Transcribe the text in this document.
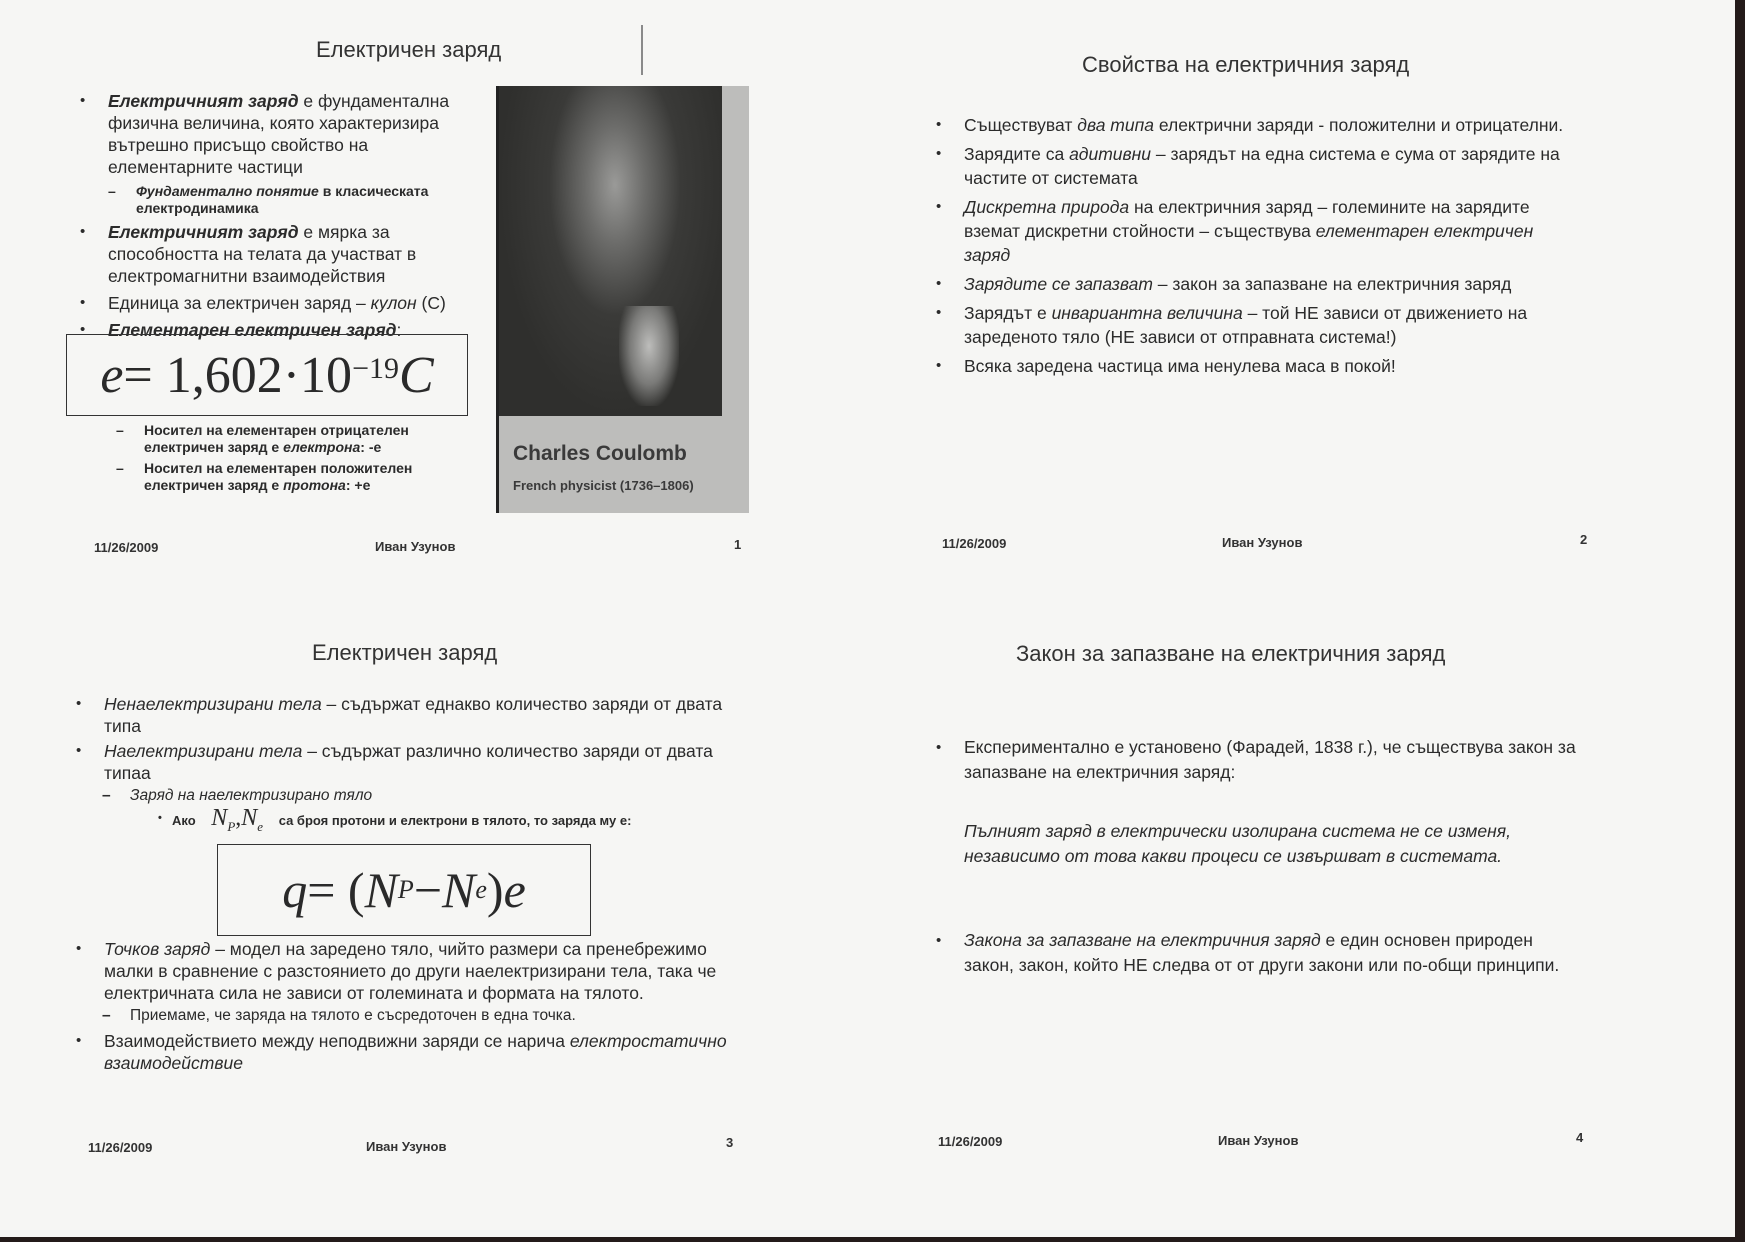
Електричен заряд
• Електричният заряд е фундаментална физична величина, която характеризира вътрешно присъщо свойство на елементарните частици
– Фундаментално понятие в класическата електродинамика
• Електричният заряд е мярка за способността на телата да участват в електромагнитни взаимодействия
• Единица за електричен заряд – кулон (C)
• Елементарен електричен заряд:
$e = 1,602\cdot 10^{-19}$ C
– Носител на елементарен отрицателен електричен заряд е електрона: -e
– Носител на елементарен положителен електричен заряд е протона: +e
Charles Coulomb
French physicist (1736–1806)
11/26/2009	Иван Узунов	1
Свойства на електричния заряд
• Съществуват два типа електрични заряди - положителни и отрицателни.
• Зарядите са адитивни – зарядът на една система е сума от зарядите на частите от системата
• Дискретна природа на електричния заряд – големините на зарядите вземат дискретни стойности – съществува елементарен електричен заряд
• Зарядите се запазват – закон за запазване на електричния заряд
• Зарядът е инвариантна величина – той НЕ зависи от движението на зареденото тяло (НЕ зависи от отправната система!)
• Всяка заредена частица има ненулева маса в покой!
11/26/2009	Иван Узунов	2
Електричен заряд
• Ненаелектризирани тела – съдържат еднакво количество заряди от двата типа
• Наелектризирани тела – съдържат различно количество заряди от двата типаа
– Заряд на наелектризирано тяло
• Ако $N_P,N_e$ са броя протони и електрони в тялото, то заряда му е:
q = ( N P − N e ) e
• Точков заряд – модел на заредено тяло, чийто размери са пренебрежимо малки в сравнение с разстоянието до други наелектризирани тела, така че електричната сила не зависи от големината и формата на тялото.
– Приемаме, че заряда на тялото е съсредоточен в една точка.
• Взаимодействието между неподвижни заряди се нарича електростатично взаимодействие
11/26/2009	Иван Узунов	3
Закон за запазване на електричния заряд
• Експериментално е установено (Фарадей, 1838 г.), че съществува закон за запазване на електричния заряд:
Пълният заряд в електрически изолирана система не се изменя, независимо от това какви процеси се извършват в системата.
• Закона за запазване на електричния заряд е един основен природен закон, закон, който НЕ следва от от други закони или по-общи принципи.
11/26/2009	Иван Узунов	4
